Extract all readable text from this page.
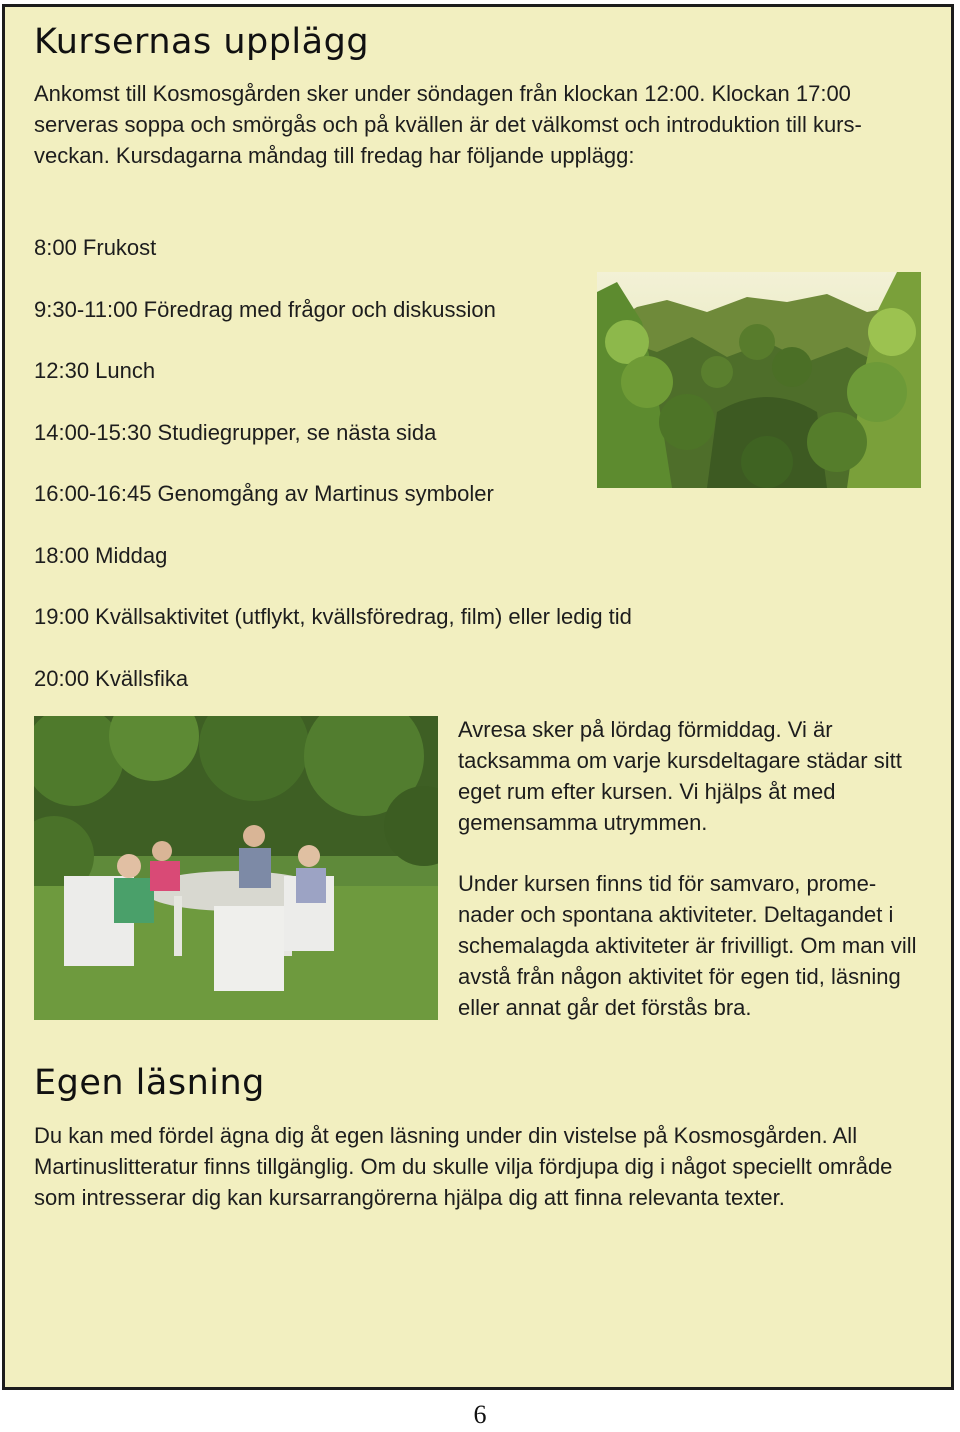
Kursernas upplägg

Ankomst till Kosmosgården sker under söndagen från klockan 12:00. Klockan 17:00 serveras soppa och smörgås och på kvällen är det välkomst och introduktion till kurs-veckan. Kursdagarna måndag till fredag har följande upplägg:

8:00 Frukost
9:30-11:00 Föredrag med frågor och diskussion
12:30 Lunch
14:00-15:30 Studiegrupper, se nästa sida
16:00-16:45 Genomgång av Martinus symboler
18:00 Middag
19:00 Kvällsaktivitet (utflykt, kvällsföredrag, film) eller ledig tid
20:00 Kvällsfika

Avresa sker på lördag förmiddag. Vi är tacksamma om varje kursdeltagare städar sitt eget rum efter kursen. Vi hjälps åt med gemensamma utrymmen.

Under kursen finns tid för samvaro, prome-nader och spontana aktiviteter. Deltagandet i schemalagda aktiviteter är frivilligt. Om man vill avstå från någon aktivitet för egen tid, läsning eller annat går det förstås bra.

Egen läsning

Du kan med fördel ägna dig åt egen läsning under din vistelse på Kosmosgården. All Martinuslitteratur finns tillgänglig. Om du skulle vilja fördjupa dig i något speciellt område som intresserar dig kan kursarrangörerna hjälpa dig att finna relevanta texter.

6
